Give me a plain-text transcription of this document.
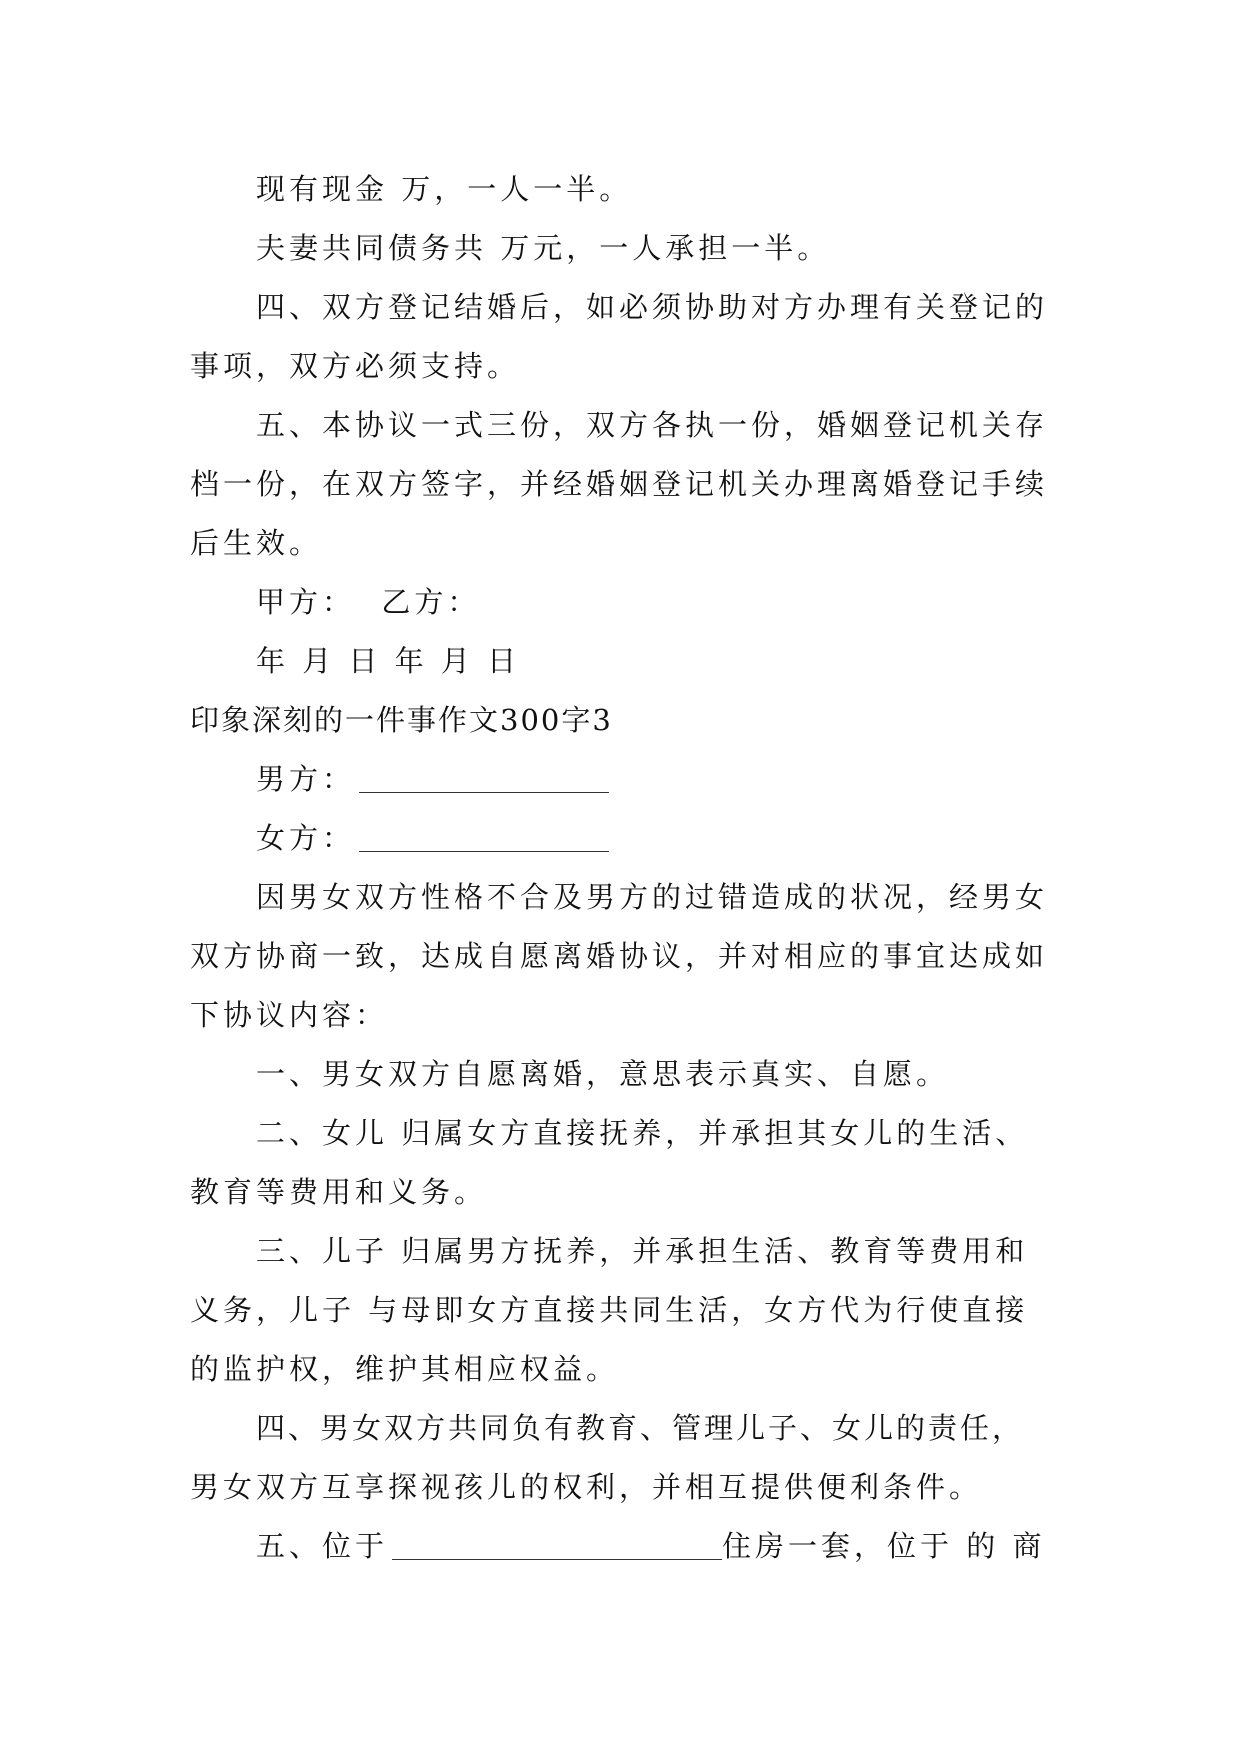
现有现金 万，一人一半。
夫妻共同债务共 万元，一人承担一半。
四、双方登记结婚后，如必须协助对方办理有关登记的
事项，双方必须支持。
五、本协议一式三份，双方各执一份，婚姻登记机关存
档一份，在双方签字，并经婚姻登记机关办理离婚登记手续
后生效。
甲方：  乙方：
年 月 日 年 月 日
印象深刻的一件事作文300字3
男方：
女方：
因男女双方性格不合及男方的过错造成的状况，经男女
双方协商一致，达成自愿离婚协议，并对相应的事宜达成如
下协议内容：
一、男女双方自愿离婚，意思表示真实、自愿。
二、女儿 归属女方直接抚养，并承担其女儿的生活、
教育等费用和义务。
三、儿子 归属男方抚养，并承担生活、教育等费用和
义务，儿子 与母即女方直接共同生活，女方代为行使直接
的监护权，维护其相应权益。
四、男女双方共同负有教育、管理儿子、女儿的责任，
男女双方互享探视孩儿的权利，并相互提供便利条件。
五、位于	住房一套，位于 的 商
